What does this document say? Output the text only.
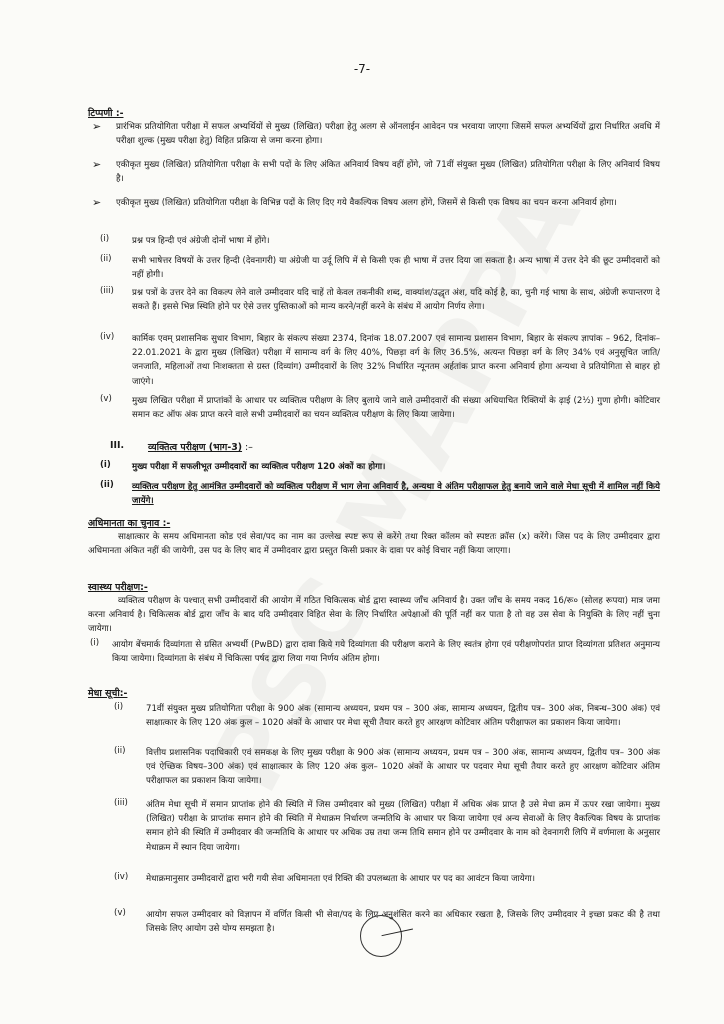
-7-
टिप्पणी :-
➢ प्रारंभिक प्रतियोगिता परीक्षा में सफल अभ्यर्थियों से मुख्य (लिखित) परीक्षा हेतु अलग से ऑनलाईन आवेदन पत्र भरवाया जाएगा जिसमें सफल अभ्यर्थियों द्वारा निर्धारित अवधि में परीक्षा शुल्क (मुख्य परीक्षा हेतु) विहित प्रक्रिया से जमा करना होगा।
➢ एकीकृत मुख्य (लिखित) प्रतियोगिता परीक्षा के सभी पदों के लिए अंकित अनिवार्य विषय वहीं होंगे, जो 71वीं संयुक्त मुख्य (लिखित) प्रतियोगिता परीक्षा के लिए अनिवार्य विषय है।
➢ एकीकृत मुख्य (लिखित) प्रतियोगिता परीक्षा के विभिन्न पदों के लिए दिए गये वैकल्पिक विषय अलग होंगे, जिसमें से किसी एक विषय का चयन करना अनिवार्य होगा।
(i)	प्रश्न पत्र हिन्दी एवं अंग्रेजी दोनों भाषा में होंगे।
(ii) सभी भाषेत्तर विषयों के उत्तर हिन्दी (देवनागरी) या अंग्रेजी या उर्दू लिपि में से किसी एक ही भाषा में उत्तर दिया जा सकता है। अन्य भाषा में उत्तर देने की छूट उम्मीदवारों को नहीं होगी।
(iii) प्रश्न पत्रों के उत्तर देने का विकल्प लेने वाले उम्मीदवार यदि चाहें तो केवल तकनीकी शब्द, वाक्यांश/उद्धृत अंश, यदि कोई है, का, चुनी गई भाषा के साथ, अंग्रेजी रूपान्तरण दे सकते हैं। इससे भिन्न स्थिति होने पर ऐसे उत्तर पुस्तिकाओं को मान्य करने/नहीं करने के संबंध में आयोग निर्णय लेगा।
(iv) कार्मिक एवम् प्रशासनिक सुधार विभाग, बिहार के संकल्प संख्या 2374, दिनांक 18.07.2007 एवं सामान्य प्रशासन विभाग, बिहार के संकल्प ज्ञापांक – 962, दिनांक–22.01.2021 के द्वारा मुख्य (लिखित) परीक्षा में सामान्य वर्ग के लिए 40%, पिछड़ा वर्ग के लिए 36.5%, अत्यन्त पिछड़ा वर्ग के लिए 34% एवं अनुसूचित जाति/जनजाति, महिलाओं तथा निःशक्तता से ग्रस्त (दिव्यांग) उम्मीदवारों के लिए 32% निर्धारित न्यूनतम अर्हतांक प्राप्त करना अनिवार्य होगा अन्यथा वे प्रतियोगिता से बाहर हो जाएंगे।
(v) मुख्य लिखित परीक्षा में प्राप्तांकों के आधार पर व्यक्तित्व परीक्षण के लिए बुलाये जाने वाले उम्मीदवारों की संख्या अधियाचित रिक्तियों के ढ़ाई (2½) गुणा होगी। कोटिवार समान कट ऑफ अंक प्राप्त करने वाले सभी उम्मीदवारों का चयन व्यक्तित्व परीक्षण के लिए किया जायेगा।
III.	व्यक्तित्व परीक्षण (भाग-3) :–
(i) मुख्य परीक्षा में सफलीभूत उम्मीदवारों का व्यक्तित्व परीक्षण 120 अंकों का होगा।
(ii) व्यक्तित्व परीक्षण हेतु आमंत्रित उम्मीदवारों को व्यक्तित्व परीक्षण में भाग लेना अनिवार्य है, अन्यथा वे अंतिम परीक्षाफल हेतु बनाये जाने वाले मेधा सूची में शामिल नहीं किये जायेंगे।
अधिमानता का चुनाव :-
साक्षात्कार के समय अधिमानता कोड एवं सेवा/पद का नाम का उल्लेख स्पष्ट रूप से करेंगे तथा रिक्त कॉलम को स्पष्टतः क्रॉस (x) करेंगे। जिस पद के लिए उम्मीदवार द्वारा अधिमानता अंकित नहीं की जायेगी, उस पद के लिए बाद में उम्मीदवार द्वारा प्रस्तुत किसी प्रकार के दावा पर कोई विचार नहीं किया जाएगा।
स्वास्थ्य परीक्षण:-
व्यक्तित्व परीक्षण के पश्चात् सभी उम्मीदवारों की आयोग में गठित चिकित्सक बोर्ड द्वारा स्वास्थ्य जाँच अनिवार्य है। उक्त जाँच के समय नकद 16/रू० (सोलह रूपया) मात्र जमा करना अनिवार्य है। चिकित्सक बोर्ड द्वारा जाँच के बाद यदि उम्मीदवार विहित सेवा के लिए निर्धारित अपेक्षाओं की पूर्ति नहीं कर पाता है तो वह उस सेवा के नियुक्ति के लिए नहीं चुना जायेगा।
(i) आयोग बेंचमार्क दिव्यांगता से ग्रसित अभ्यर्थी (PwBD) द्वारा दावा किये गये दिव्यांगता की परीक्षण कराने के लिए स्वतंत्र होगा एवं परीक्षणोपरांत प्राप्त दिव्यांगता प्रतिशत अनुमान्य किया जायेगा। दिव्यांगता के संबंध में चिकित्सा पर्षद द्वारा लिया गया निर्णय अंतिम होगा।
मेधा सूची:-
(i)	71वीं संयुक्त मुख्य प्रतियोगिता परीक्षा के 900 अंक (सामान्य अध्ययन, प्रथम पत्र – 300 अंक, सामान्य अध्ययन, द्वितीय पत्र– 300 अंक, निबन्ध–300 अंक) एवं साक्षात्कार के लिए 120 अंक कुल – 1020 अंकों के आधार पर मेधा सूची तैयार करते हुए आरक्षण कोटिवार अंतिम परीक्षाफल का प्रकाशन किया जायेगा।
(ii) वित्तीय प्रशासनिक पदाधिकारी एवं समकक्ष के लिए मुख्य परीक्षा के 900 अंक (सामान्य अध्ययन, प्रथम पत्र – 300 अंक, सामान्य अध्ययन, द्वितीय पत्र– 300 अंक एवं ऐच्छिक विषय–300 अंक) एवं साक्षात्कार के लिए 120 अंक कुल– 1020 अंकों के आधार पर पदवार मेधा सूची तैयार करते हुए आरक्षण कोटिवार अंतिम परीक्षाफल का प्रकाशन किया जायेगा।
(iii) अंतिम मेधा सूची में समान प्राप्तांक होने की स्थिति में जिस उम्मीदवार को मुख्य (लिखित) परीक्षा में अधिक अंक प्राप्त है उसे मेधा क्रम में ऊपर रखा जायेगा। मुख्य (लिखित) परीक्षा के प्राप्तांक समान होने की स्थिति में मेधाक्रम निर्धारण जन्मतिथि के आधार पर किया जायेगा एवं अन्य सेवाओं के लिए वैकल्पिक विषय के प्राप्तांक समान होने की स्थिति में उम्मीदवार की जन्मतिथि के आधार पर अधिक उम्र तथा जन्म तिथि समान होने पर उम्मीदवार के नाम को देवनागरी लिपि में वर्णमाला के अनुसार मेधाक्रम में स्थान दिया जायेगा।
(iv) मेधाक्रमानुसार उम्मीदवारों द्वारा भरी गयी सेवा अधिमानता एवं रिक्ति की उपलब्धता के आधार पर पद का आवंटन किया जायेगा।
(v) आयोग सफल उम्मीदवार को विज्ञापन में वर्णित किसी भी सेवा/पद के लिए अनुशंसित करने का अधिकार रखता है, जिसके लिए उम्मीदवार ने इच्छा प्रकट की है तथा जिसके लिए आयोग उसे योग्य समझता है।
